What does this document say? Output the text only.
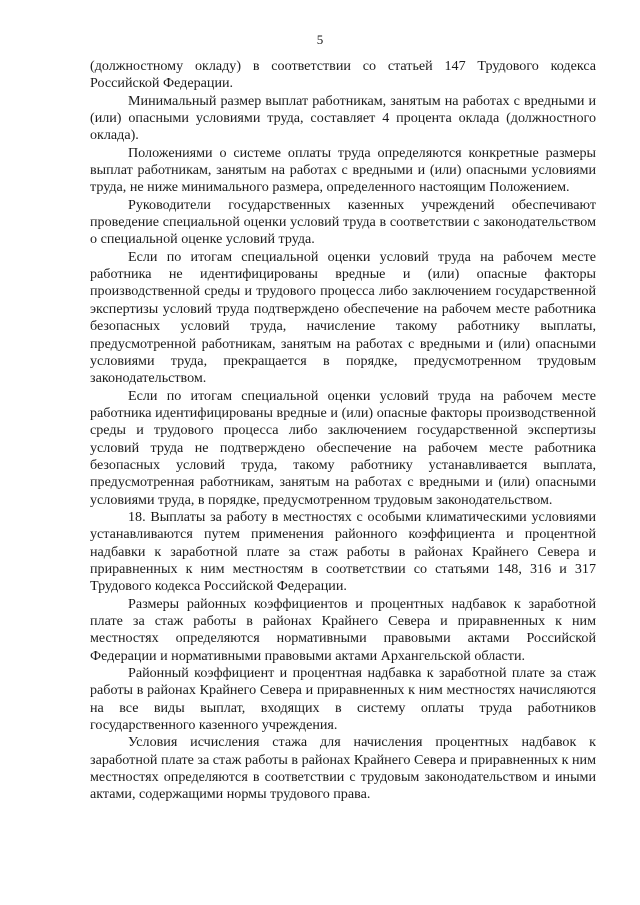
5

(должностному окладу) в соответствии со статьей 147 Трудового кодекса Российской Федерации.

Минимальный размер выплат работникам, занятым на работах с вредными и (или) опасными условиями труда, составляет 4 процента оклада (должностного оклада).

Положениями о системе оплаты труда определяются конкретные размеры выплат работникам, занятым на работах с вредными и (или) опасными условиями труда, не ниже минимального размера, определенного настоящим Положением.

Руководители государственных казенных учреждений обеспечивают проведение специальной оценки условий труда в соответствии с законодательством о специальной оценке условий труда.

Если по итогам специальной оценки условий труда на рабочем месте работника не идентифицированы вредные и (или) опасные факторы производственной среды и трудового процесса либо заключением государственной экспертизы условий труда подтверждено обеспечение на рабочем месте работника безопасных условий труда, начисление такому работнику выплаты, предусмотренной работникам, занятым на работах с вредными и (или) опасными условиями труда, прекращается в порядке, предусмотренном трудовым законодательством.

Если по итогам специальной оценки условий труда на рабочем месте работника идентифицированы вредные и (или) опасные факторы производственной среды и трудового процесса либо заключением государственной экспертизы условий труда не подтверждено обеспечение на рабочем месте работника безопасных условий труда, такому работнику устанавливается выплата, предусмотренная работникам, занятым на работах с вредными и (или) опасными условиями труда, в порядке, предусмотренном трудовым законодательством.

18. Выплаты за работу в местностях с особыми климатическими условиями устанавливаются путем применения районного коэффициента и процентной надбавки к заработной плате за стаж работы в районах Крайнего Севера и приравненных к ним местностям в соответствии со статьями 148, 316 и 317 Трудового кодекса Российской Федерации.

Размеры районных коэффициентов и процентных надбавок к заработной плате за стаж работы в районах Крайнего Севера и приравненных к ним местностях определяются нормативными правовыми актами Российской Федерации и нормативными правовыми актами Архангельской области.

Районный коэффициент и процентная надбавка к заработной плате за стаж работы в районах Крайнего Севера и приравненных к ним местностях начисляются на все виды выплат, входящих в систему оплаты труда работников государственного казенного учреждения.

Условия исчисления стажа для начисления процентных надбавок к заработной плате за стаж работы в районах Крайнего Севера и приравненных к ним местностях определяются в соответствии с трудовым законодательством и иными актами, содержащими нормы трудового права.
